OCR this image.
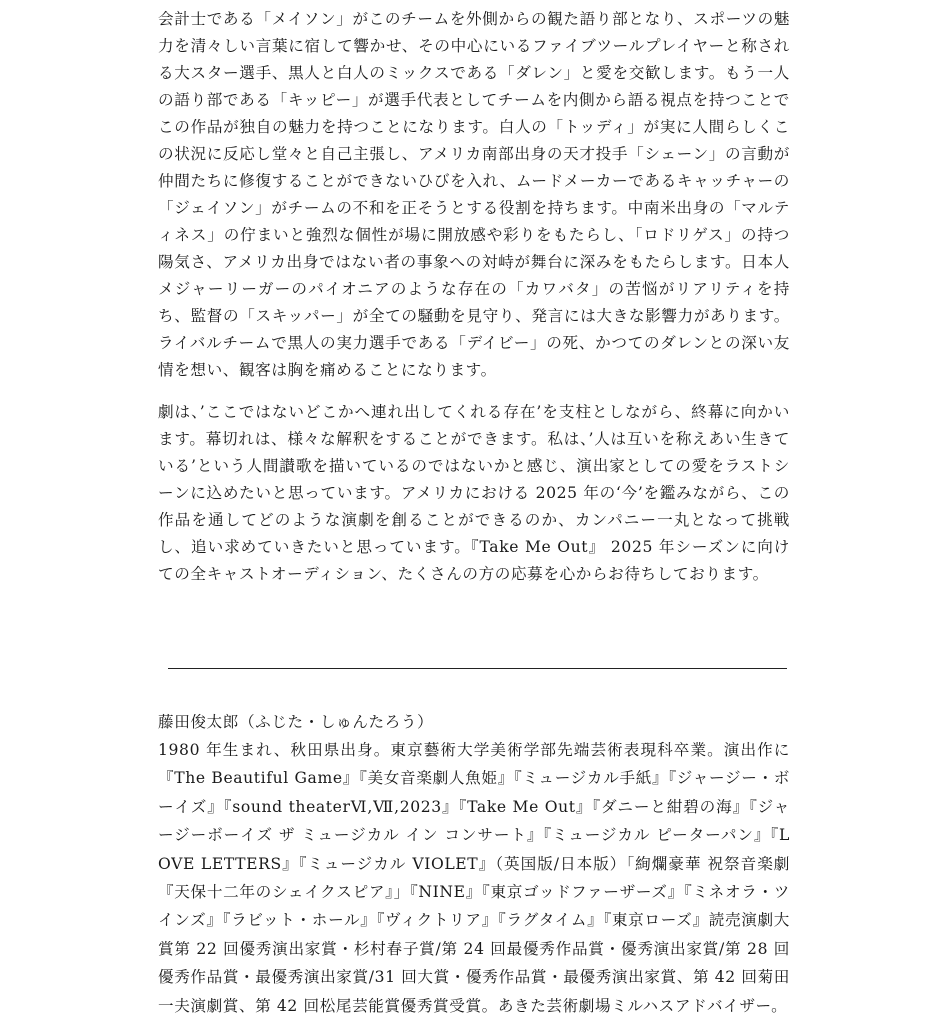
会計士である「メイソン」がこのチームを外側からの観た語り部となり、スポーツの魅力を清々しい言葉に宿して響かせ、その中心にいるファイブツールプレイヤーと称される大スター選手、黒人と白人のミックスである「ダレン」と愛を交歓します。もう一人の語り部である「キッピー」が選手代表としてチームを内側から語る視点を持つことでこの作品が独自の魅力を持つことになります。白人の「トッディ」が実に人間らしくこの状況に反応し堂々と自己主張し、アメリカ南部出身の天才投手「シェーン」の言動が仲間たちに修復することができないひびを入れ、ムードメーカーであるキャッチャーの「ジェイソン」がチームの不和を正そうとする役割を持ちます。中南米出身の「マルティネス」の佇まいと強烈な個性が場に開放感や彩りをもたらし、「ロドリゲス」の持つ陽気さ、アメリカ出身ではない者の事象への対峙が舞台に深みをもたらします。日本人メジャーリーガーのパイオニアのような存在の「カワバタ」の苦悩がリアリティを持ち、監督の「スキッパー」が全ての騒動を見守り、発言には大きな影響力があります。ライバルチームで黒人の実力選手である「デイビー」の死、かつてのダレンとの深い友情を想い、観客は胸を痛めることになります。

劇は、’ここではないどこかへ連れ出してくれる存在’を支柱としながら、終幕に向かいます。幕切れは、様々な解釈をすることができます。私は、’人は互いを称えあい生きている’という人間讃歌を描いているのではないかと感じ、演出家としての愛をラストシーンに込めたいと思っています。アメリカにおける 2025 年の‘今’を鑑みながら、この作品を通してどのような演劇を創ることができるのか、カンパニー一丸となって挑戦し、追い求めていきたいと思っています。『Take Me Out』 2025 年シーズンに向けての全キャストオーディション、たくさんの方の応募を心からお待ちしております。

藤田俊太郎（ふじた・しゅんたろう）

1980 年生まれ、秋田県出身。東京藝術大学美術学部先端芸術表現科卒業。演出作に『The Beautiful Game』『美女音楽劇人魚姫』『ミュージカル手紙』『ジャージー・ボーイズ』『sound theaterⅥ,Ⅶ,2023』『Take Me Out』『ダニーと紺碧の海』『ジャージーボーイズ ザ ミュージカル イン コンサート』『ミュージカル ピーターパン』『LOVE LETTERS』『ミュージカル VIOLET』（英国版/日本版）「絢爛豪華 祝祭音楽劇『天保十二年のシェイクスピア』」『NINE』『東京ゴッドファーザーズ』『ミネオラ・ツインズ』『ラビット・ホール』『ヴィクトリア』『ラグタイム』『東京ローズ』読売演劇大賞第 22 回優秀演出家賞・杉村春子賞/第 24 回最優秀作品賞・優秀演出家賞/第 28 回優秀作品賞・最優秀演出家賞/31 回大賞・優秀作品賞・最優秀演出家賞、第 42 回菊田一夫演劇賞、第 42 回松尾芸能賞優秀賞受賞。あきた芸術劇場ミルハスアドバイザー。
